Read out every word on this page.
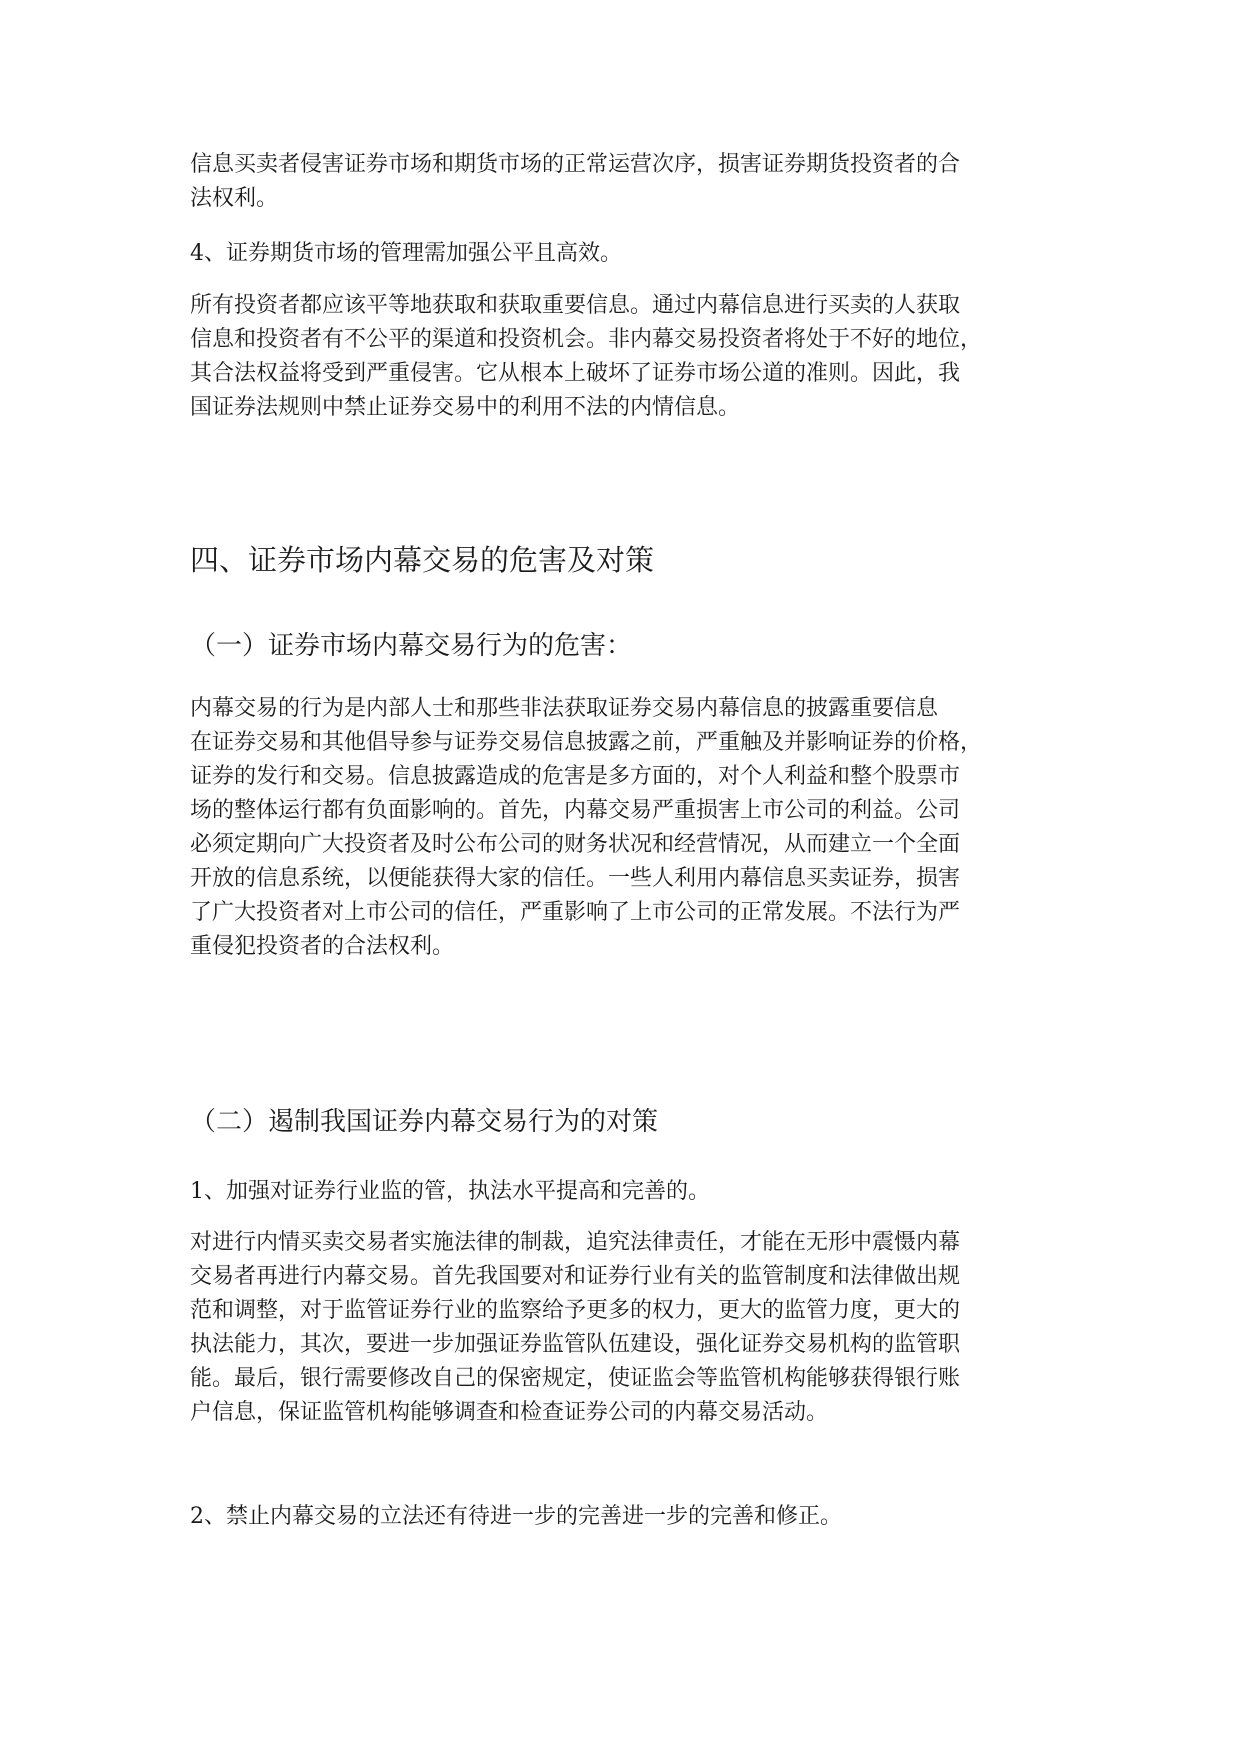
信息买卖者侵害证券市场和期货市场的正常运营次序，损害证券期货投资者的合
法权利。

4、证券期货市场的管理需加强公平且高效。

所有投资者都应该平等地获取和获取重要信息。通过内幕信息进行买卖的人获取
信息和投资者有不公平的渠道和投资机会。非内幕交易投资者将处于不好的地位，
其合法权益将受到严重侵害。它从根本上破坏了证券市场公道的准则。因此，我
国证券法规则中禁止证券交易中的利用不法的内情信息。

四、证券市场内幕交易的危害及对策
（一）证券市场内幕交易行为的危害：

内幕交易的行为是内部人士和那些非法获取证券交易内幕信息的披露重要信息
在证券交易和其他倡导参与证券交易信息披露之前，严重触及并影响证券的价格，
证券的发行和交易。信息披露造成的危害是多方面的，对个人利益和整个股票市
场的整体运行都有负面影响的。首先，内幕交易严重损害上市公司的利益。公司
必须定期向广大投资者及时公布公司的财务状况和经营情况，从而建立一个全面
开放的信息系统，以便能获得大家的信任。一些人利用内幕信息买卖证券，损害
了广大投资者对上市公司的信任，严重影响了上市公司的正常发展。不法行为严
重侵犯投资者的合法权利。

（二）遏制我国证券内幕交易行为的对策

1、加强对证券行业监的管，执法水平提高和完善的。

对进行内情买卖交易者实施法律的制裁，追究法律责任，才能在无形中震慑内幕
交易者再进行内幕交易。首先我国要对和证券行业有关的监管制度和法律做出规
范和调整，对于监管证券行业的监察给予更多的权力，更大的监管力度，更大的
执法能力，其次，要进一步加强证券监管队伍建设，强化证券交易机构的监管职
能。最后，银行需要修改自己的保密规定，使证监会等监管机构能够获得银行账
户信息，保证监管机构能够调查和检查证券公司的内幕交易活动。

2、禁止内幕交易的立法还有待进一步的完善进一步的完善和修正。
